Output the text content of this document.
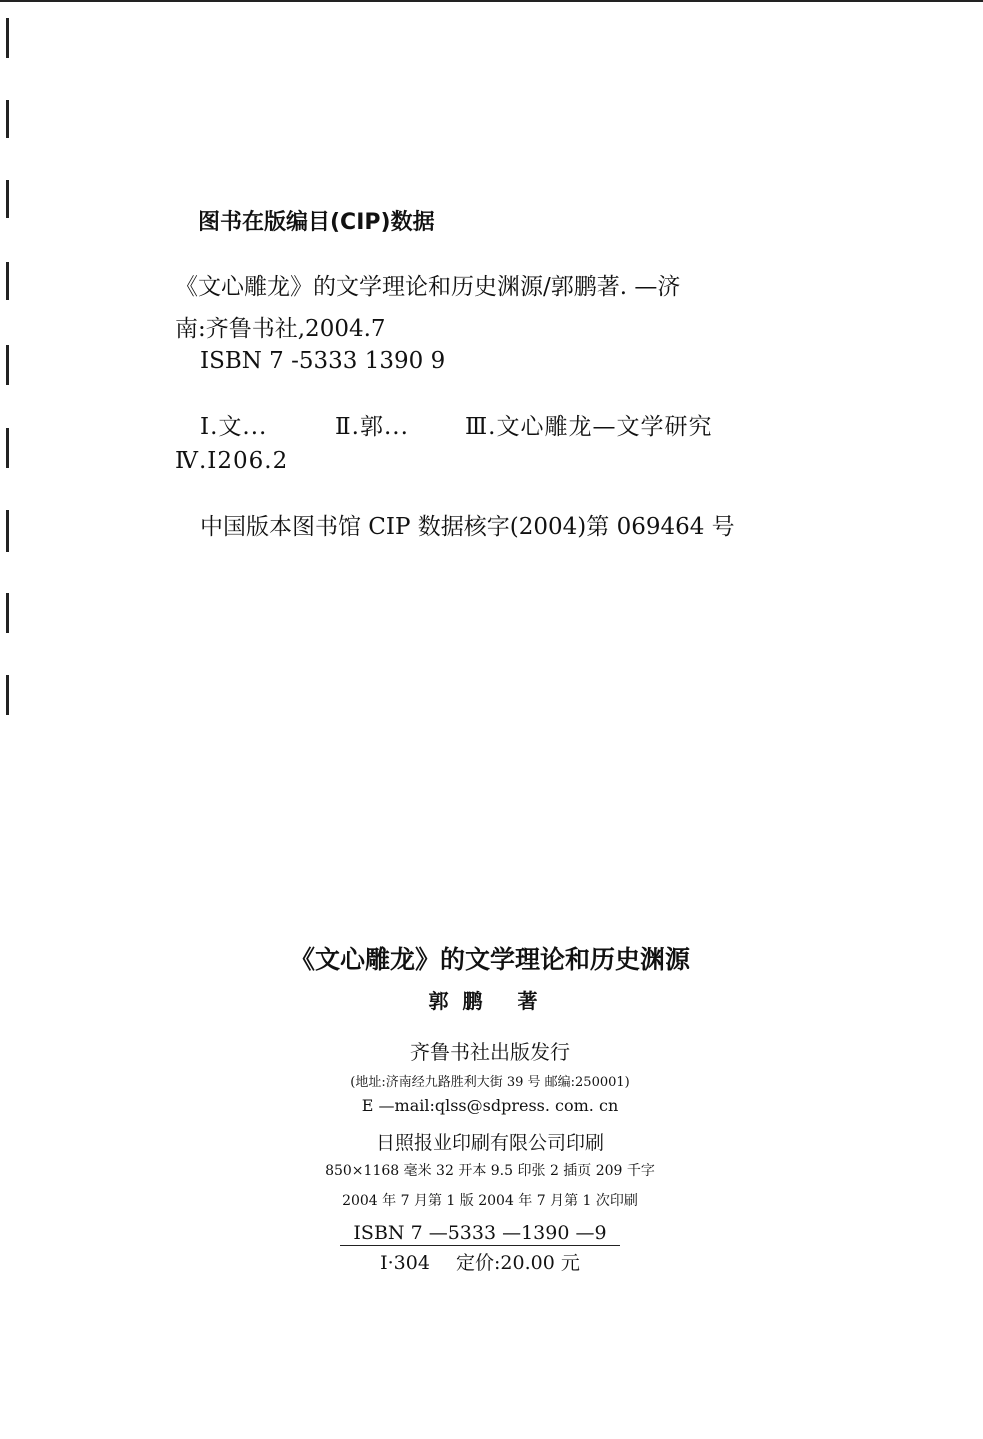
图书在版编目(CIP)数据
《文心雕龙》的文学理论和历史渊源/郭鹏著. —济
南:齐鲁书社,2004.7
ISBN 7 -5333 1390 9
Ⅰ.文...	Ⅱ.郭... Ⅲ.文心雕龙—文学研究
Ⅳ.I206.2
中国版本图书馆 CIP 数据核字(2004)第 069464 号
《文心雕龙》的文学理论和历史渊源
郭鹏 著
齐鲁书社出版发行
(地址:济南经九路胜利大街 39 号 邮编:250001)
E —mail:qlss@sdpress. com. cn
日照报业印刷有限公司印刷
850×1168 毫米 32 开本 9.5 印张 2 插页 209 千字
2004 年 7 月第 1 版 2004 年 7 月第 1 次印刷
ISBN 7 —5333 —1390 —9
I·304 定价:20.00 元
